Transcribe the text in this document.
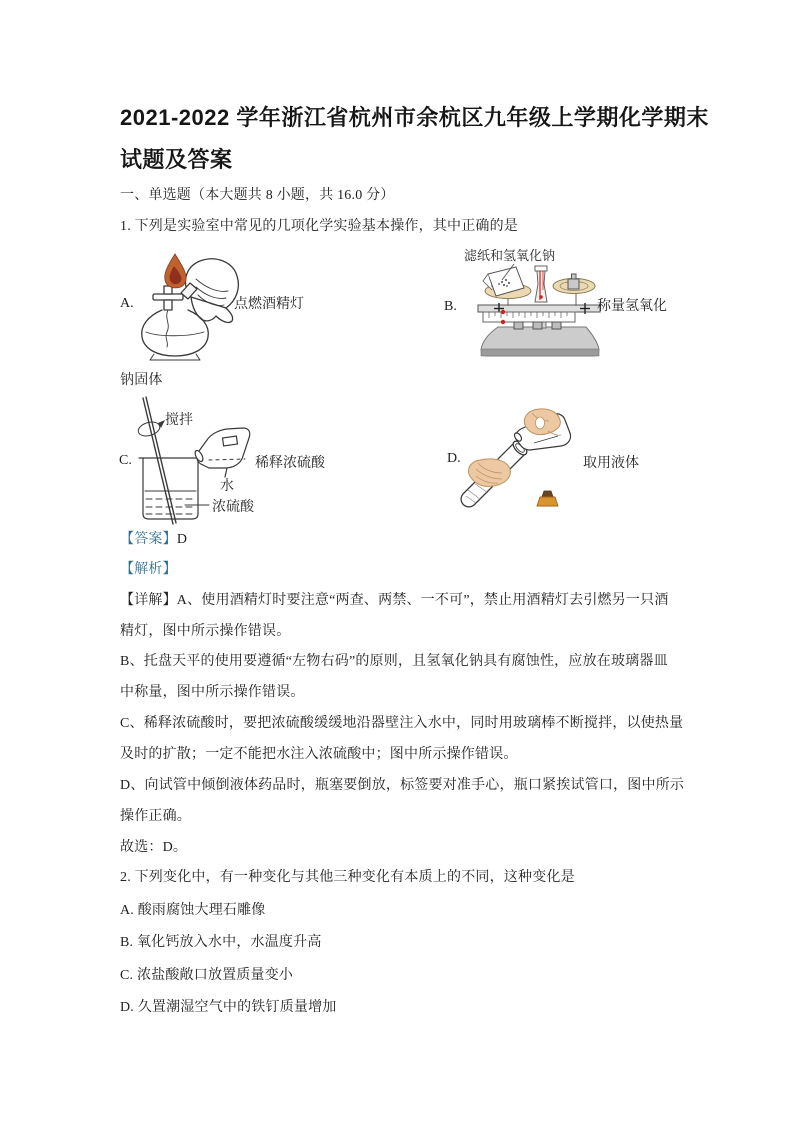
2021-2022 学年浙江省杭州市余杭区九年级上学期化学期末
试题及答案
一、单选题（本大题共 8 小题，共 16.0 分）
1. 下列是实验室中常见的几项化学实验基本操作，其中正确的是
A.	点燃酒精灯	B.
滤纸和氢氧化钠
称量氢氧化
钠固体
C.
搅拌
水
浓硫酸
稀释浓硫酸	D.	取用液体
【答案】D
【解析】
【详解】A、使用酒精灯时要注意“两查、两禁、一不可”，禁止用酒精灯去引燃另一只酒
精灯，图中所示操作错误。
B、托盘天平的使用要遵循“左物右码”的原则，且氢氧化钠具有腐蚀性，应放在玻璃器皿
中称量，图中所示操作错误。
C、稀释浓硫酸时，要把浓硫酸缓缓地沿器壁注入水中，同时用玻璃棒不断搅拌，以使热量
及时的扩散；一定不能把水注入浓硫酸中；图中所示操作错误。
D、向试管中倾倒液体药品时，瓶塞要倒放，标签要对准手心，瓶口紧挨试管口，图中所示
操作正确。
故选：D。
2. 下列变化中，有一种变化与其他三种变化有本质上的不同，这种变化是
A. 酸雨腐蚀大理石雕像
B. 氧化钙放入水中，水温度升高
C. 浓盐酸敞口放置质量变小
D. 久置潮湿空气中的铁钉质量增加
